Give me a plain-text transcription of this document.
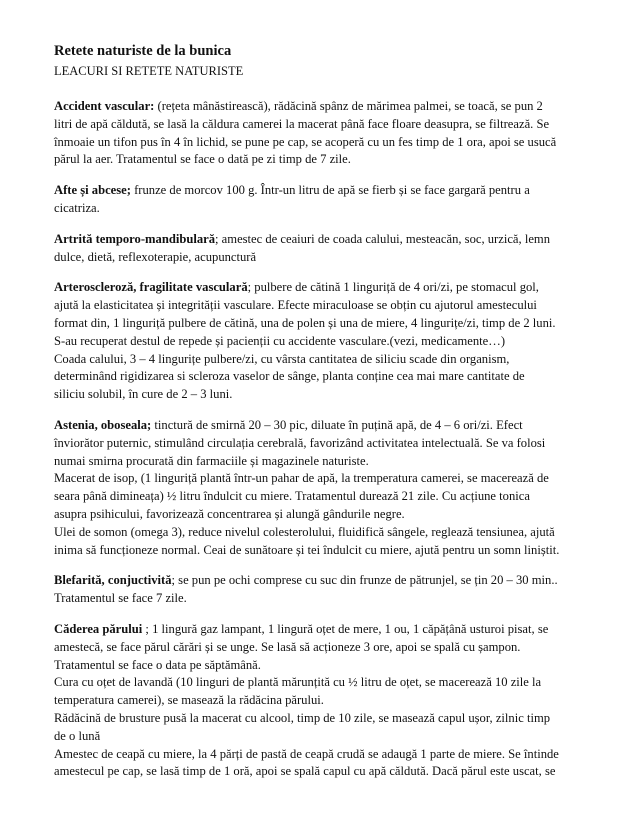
Retete naturiste de la bunica
LEACURI SI RETETE NATURISTE
Accident vascular: (rețeta mânăstirească), rădăcină spânz de mărimea palmei, se toacă, se pun 2
litri de apă căldută, se lasă la căldura camerei la macerat până face floare deasupra, se filtrează. Se
înmoaie un tifon pus în 4 în lichid, se pune pe cap, se acoperă cu un fes timp de 1 ora, apoi se usucă
părul la aer. Tratamentul se face o dată pe zi timp de 7 zile.
Afte și abcese; frunze de morcov 100 g. Într-un litru de apă se fierb și se face gargară pentru a
cicatriza.
Artrită temporo-mandibulară; amestec de ceaiuri de coada calului, mesteacăn, soc, urzică, lemn
dulce, dietă, reflexoterapie, acupunctură
Arteroscleroză, fragilitate vasculară; pulbere de cătină 1 linguriță de 4 ori/zi, pe stomacul gol,
ajută la elasticitatea și integrității vasculare. Efecte miraculoase se obțin cu ajutorul amestecului
format din, 1 linguriță pulbere de cătină, una de polen și una de miere, 4 lingurițe/zi, timp de 2 luni.
S-au recuperat destul de repede și pacienții cu accidente vasculare.(vezi, medicamente…)
Coada calului, 3 – 4 lingurițe pulbere/zi, cu vârsta cantitatea de siliciu scade din organism,
determinând rigidizarea si scleroza vaselor de sânge, planta conține cea mai mare cantitate de
siliciu solubil, în cure de 2 – 3 luni.
Astenia, oboseala; tinctură de smirnă 20 – 30 pic, diluate în puțină apă, de 4 – 6 ori/zi. Efect
înviorător puternic, stimulând circulația cerebrală, favorizând activitatea intelectuală. Se va folosi
numai smirna procurată din farmaciile și magazinele naturiste.
Macerat de isop, (1 linguriță plantă într-un pahar de apă, la tremperatura camerei, se macerează de
seara până dimineața) ½ litru îndulcit cu miere. Tratamentul durează 21 zile. Cu acțiune tonica
asupra psihicului, favorizează concentrarea și alungă gândurile negre.
Ulei de somon (omega 3), reduce nivelul colesterolului, fluidifică sângele, reglează tensiunea, ajută
inima să funcționeze normal. Ceai de sunătoare și tei îndulcit cu miere, ajută pentru un somn liniștit.
Blefarită, conjuctivită; se pun pe ochi comprese cu suc din frunze de pătrunjel, se țin 20 – 30 min..
Tratamentul se face 7 zile.
Căderea părului ; 1 lingură gaz lampant, 1 lingură oțet de mere, 1 ou, 1 căpățână usturoi pisat, se
amestecă, se face părul cărări și se unge. Se lasă să acționeze 3 ore, apoi se spală cu șampon.
Tratamentul se face o data pe săptămână.
Cura cu oțet de lavandă (10 linguri de plantă mărunțită cu ½ litru de oțet, se macerează 10 zile la
temperatura camerei), se masează la rădăcina părului.
Rădăcină de brusture pusă la macerat cu alcool, timp de 10 zile, se masează capul ușor, zilnic timp
de o lună
Amestec de ceapă cu miere, la 4 părți de pastă de ceapă crudă se adaugă 1 parte de miere. Se întinde
amestecul pe cap, se lasă timp de 1 oră, apoi se spală capul cu apă căldută. Dacă părul este uscat, se
